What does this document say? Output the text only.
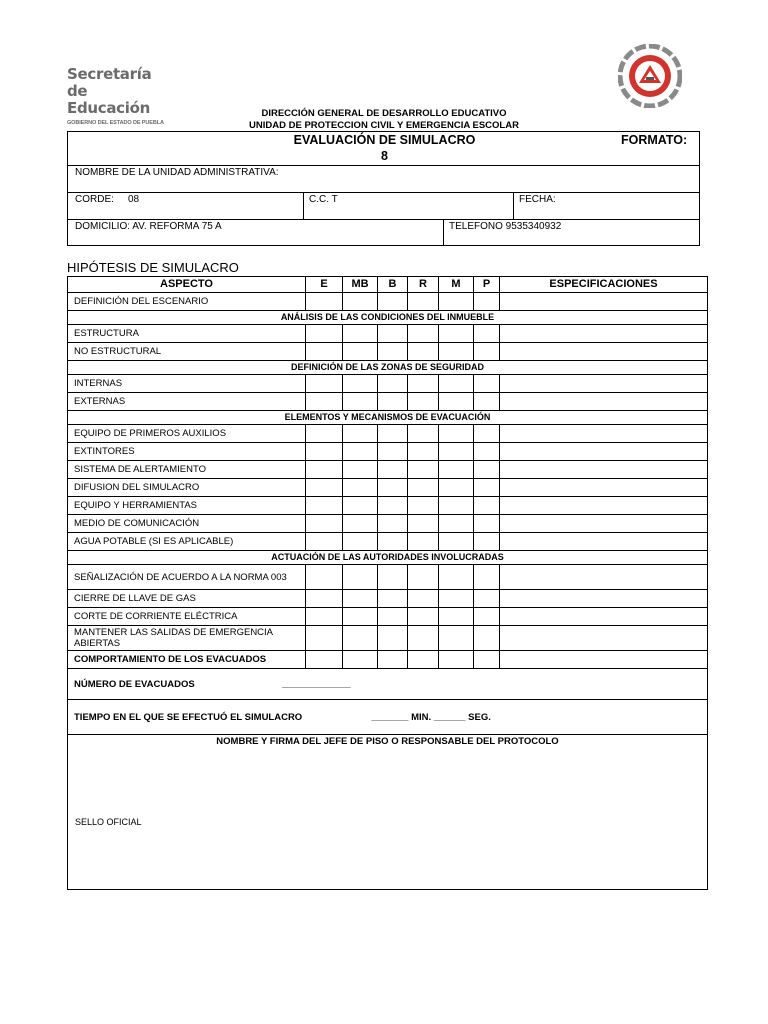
Secretaría
de Educación
GOBIERNO DEL ESTADO DE PUEBLA
DIRECCIÓN GENERAL DE DESARROLLO EDUCATIVO
UNIDAD DE PROTECCION CIVIL Y EMERGENCIA ESCOLAR
EVALUACIÓN DE SIMULACRO
8
FORMATO:
NOMBRE DE LA UNIDAD ADMINISTRATIVA:
CORDE: 08	C.C. T	FECHA:
DOMICILIO: AV. REFORMA 75 A	TELEFONO 9535340932
HIPÓTESIS DE SIMULACRO
ASPECTO	E	MB	B	R	M	P	ESPECIFICACIONES
DEFINICIÓN DEL ESCENARIO							
ANÁLISIS DE LAS CONDICIONES DEL INMUEBLE							
ESTRUCTURA							
NO ESTRUCTURAL							
DEFINICIÓN DE LAS ZONAS DE SEGURIDAD							
INTERNAS							
EXTERNAS							
ELEMENTOS Y MECANISMOS DE EVACUACIÓN							
EQUIPO DE PRIMEROS AUXILIOS							
EXTINTORES							
SISTEMA DE ALERTAMIENTO							
DIFUSION DEL SIMULACRO							
EQUIPO Y HERRAMIENTAS							
MEDIO DE COMUNICACIÓN							
AGUA POTABLE (SI ES APLICABLE)							
ACTUACIÓN DE LAS AUTORIDADES INVOLUCRADAS							
SEÑALIZACIÓN DE ACUERDO A LA NORMA 003							
CIERRE DE LLAVE DE GAS							
CORTE DE CORRIENTE ELÉCTRICA							
MANTENER LAS SALIDAS DE EMERGENCIA ABIERTAS							
COMPORTAMIENTO DE LOS EVACUADOS							
NÚMERO DE EVACUADOS _____________							
TIEMPO EN EL QUE SE EFECTUÓ EL SIMULACRO _______ MIN. ______ SEG.							

NOMBRE Y FIRMA DEL JEFE DE PISO O RESPONSABLE DEL PROTOCOLO
SELLO OFICIAL							
